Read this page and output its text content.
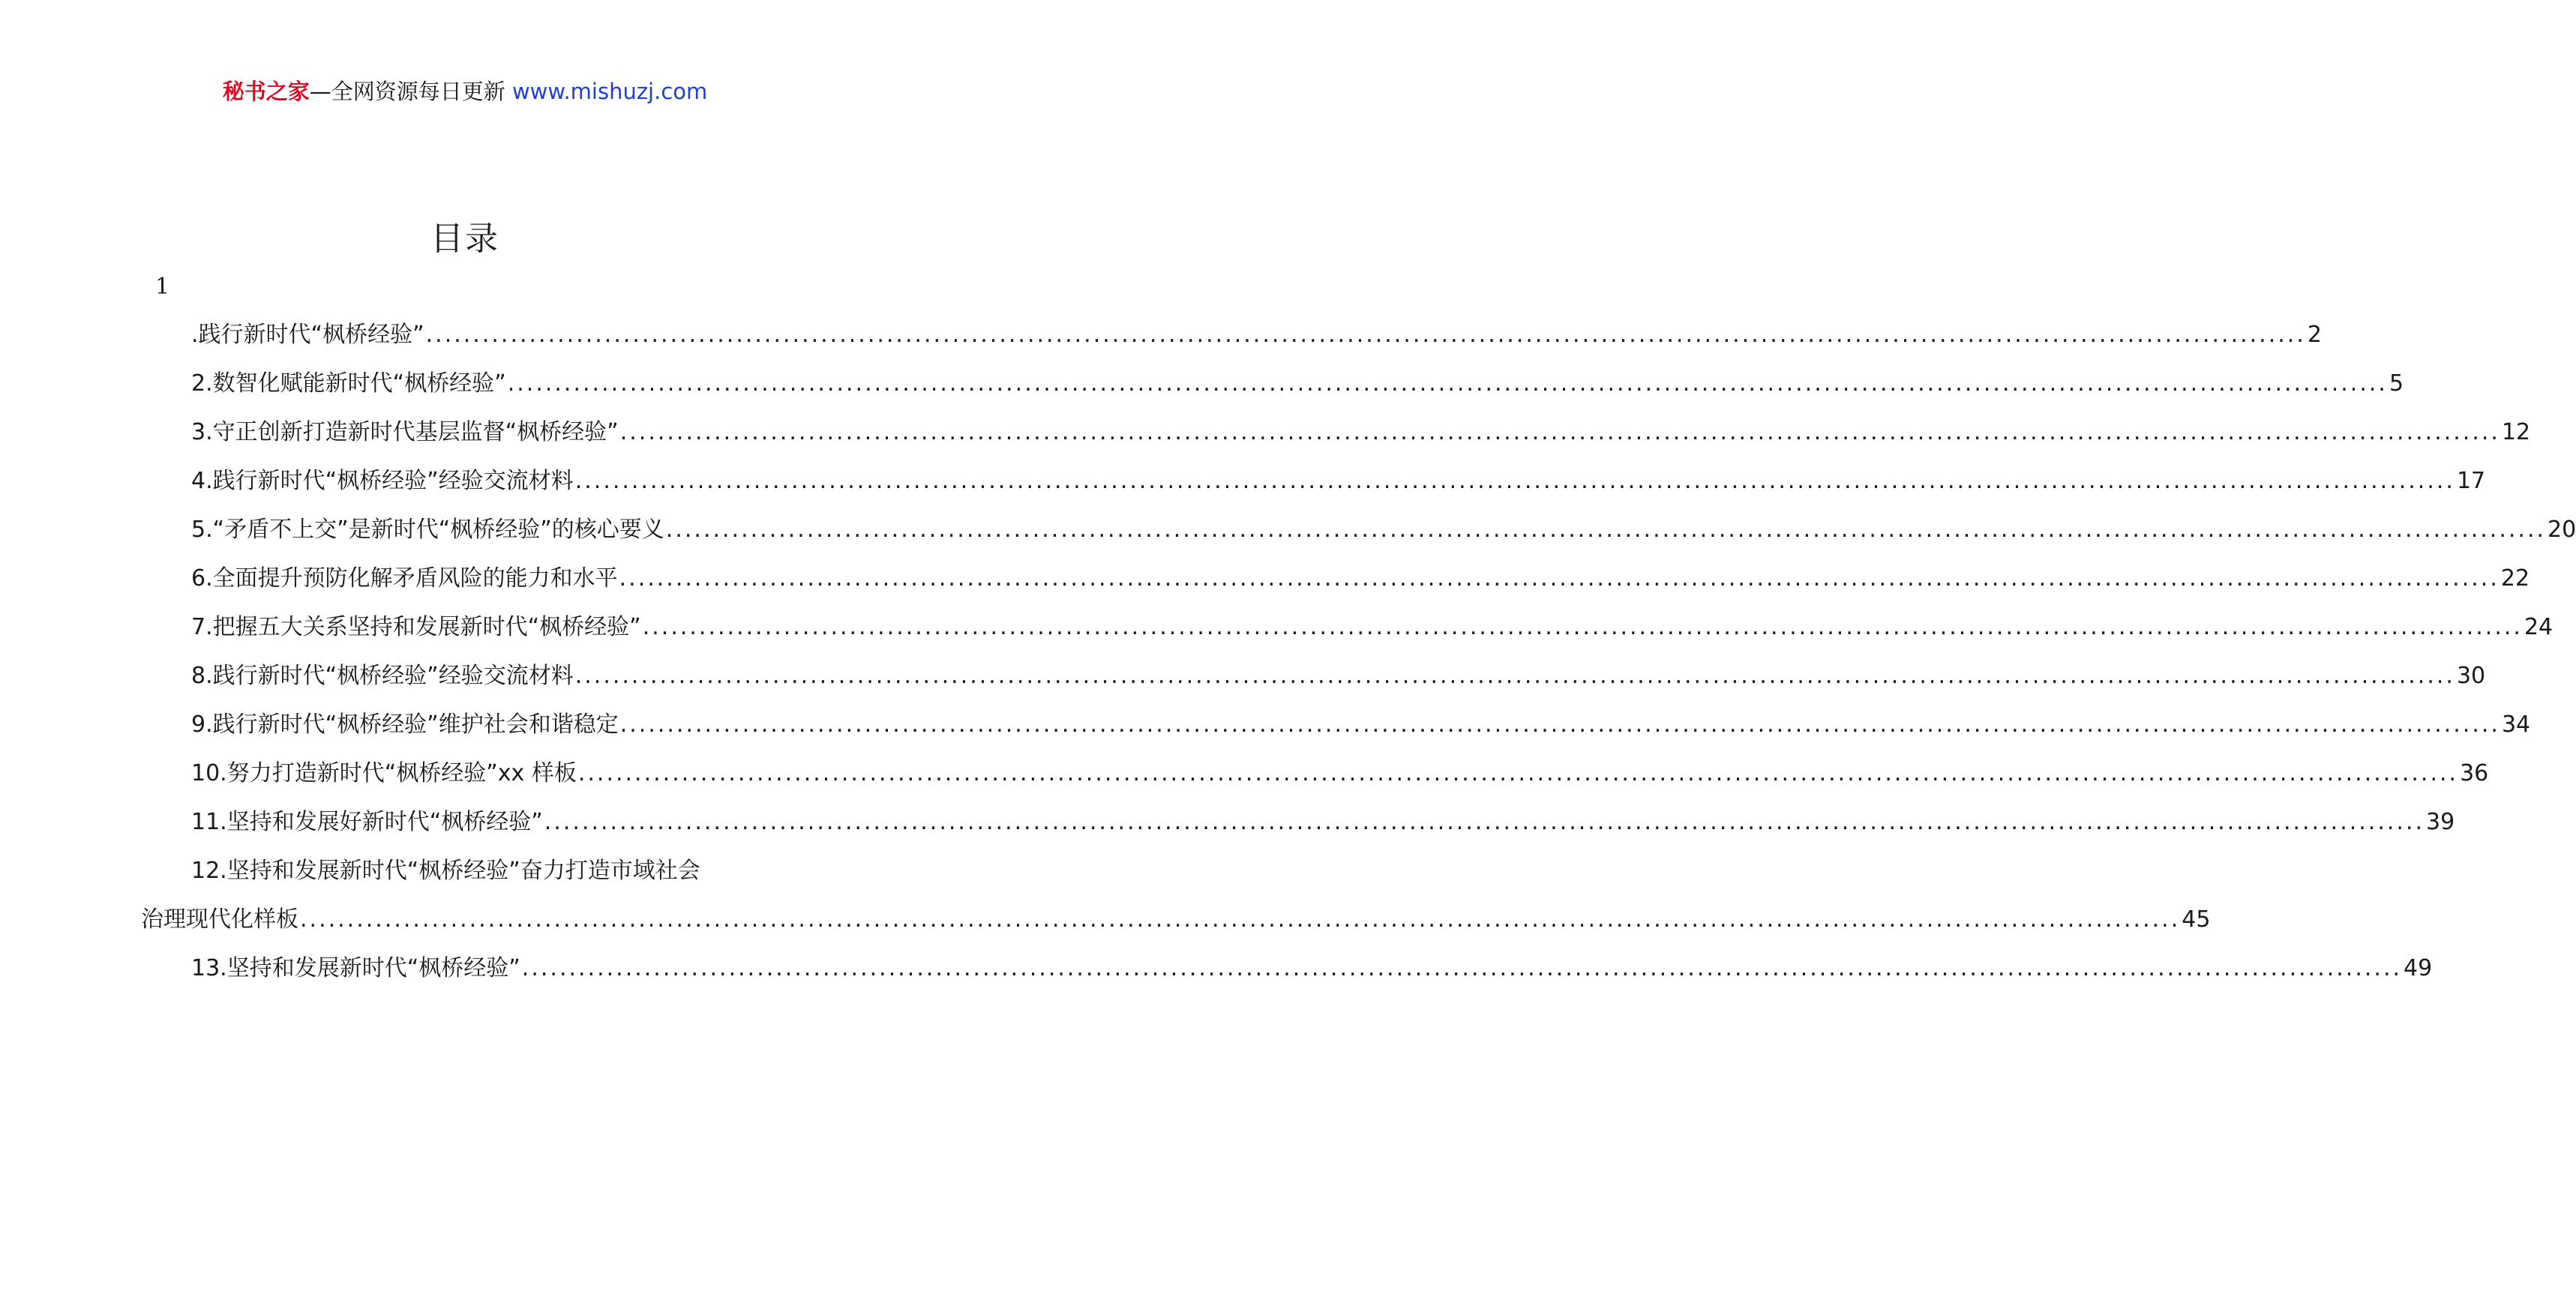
秘书之家—全网资源每日更新 www.mishuzj.com
目录
1
.践行新时代“枫桥经验” ........................................................................................................................................................................................................ 2
2.数智化赋能新时代“枫桥经验” ........................................................................................................................................................................................................ 5
3.守正创新打造新时代基层监督“枫桥经验” ........................................................................................................................................................................................................ 12
4.践行新时代“枫桥经验”经验交流材料 ........................................................................................................................................................................................................ 17
5.“矛盾不上交”是新时代“枫桥经验”的核心要义 ........................................................................................................................................................................................................ 20
6.全面提升预防化解矛盾风险的能力和水平 ........................................................................................................................................................................................................ 22
7.把握五大关系坚持和发展新时代“枫桥经验” ........................................................................................................................................................................................................ 24
8.践行新时代“枫桥经验”经验交流材料 ........................................................................................................................................................................................................ 30
9.践行新时代“枫桥经验”维护社会和谐稳定 ........................................................................................................................................................................................................ 34
10.努力打造新时代“枫桥经验”xx 样板 ........................................................................................................................................................................................................ 36
11.坚持和发展好新时代“枫桥经验” ........................................................................................................................................................................................................ 39
12.坚持和发展新时代“枫桥经验”奋力打造市域社会
治理现代化样板 ........................................................................................................................................................................................................ 45
13.坚持和发展新时代“枫桥经验” ........................................................................................................................................................................................................ 49
